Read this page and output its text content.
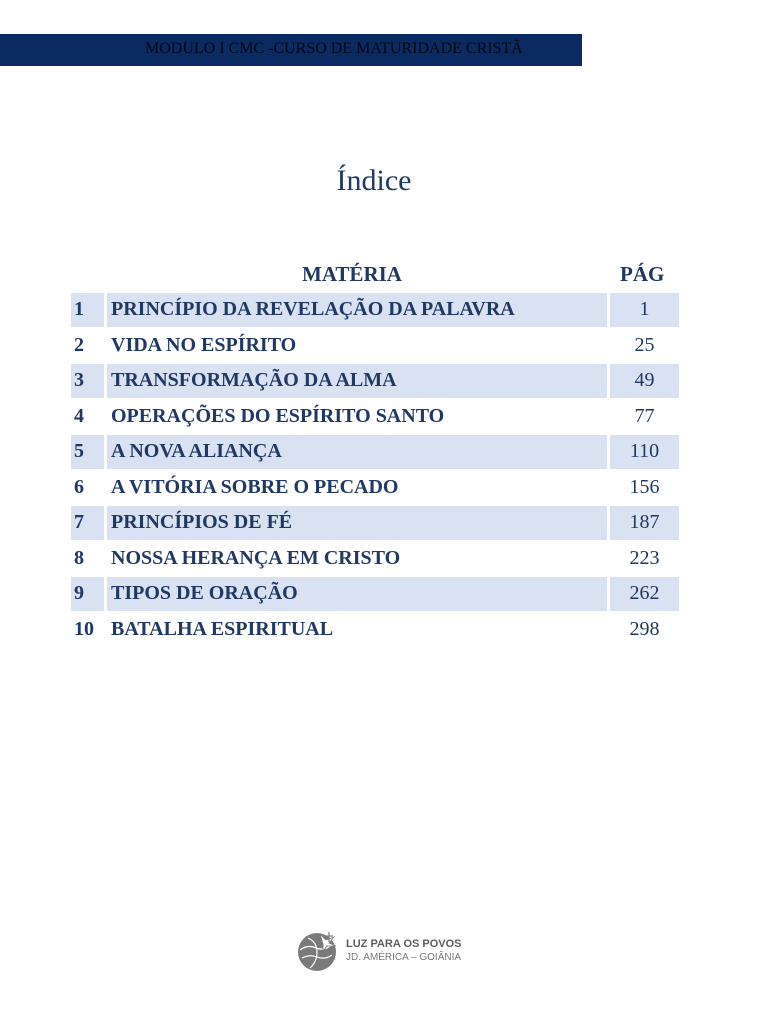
MODULO I CMC -CURSO DE MATURIDADE CRISTÃ
Índice
MATÉRIA	PÁG
1	PRINCÍPIO DA REVELAÇÃO DA PALAVRA	1
2	VIDA NO ESPÍRITO	25
3	TRANSFORMAÇÃO DA ALMA	49
4	OPERAÇÕES DO ESPÍRITO SANTO	77
5	A NOVA ALIANÇA	110
6	A VITÓRIA SOBRE O PECADO	156
7	PRINCÍPIOS DE FÉ	187
8	NOSSA HERANÇA EM CRISTO	223
9	TIPOS DE ORAÇÃO	262
10 BATALHA ESPIRITUAL	298
LUZ PARA OS POVOS
JD. AMÉRICA – GOIÂNIA
